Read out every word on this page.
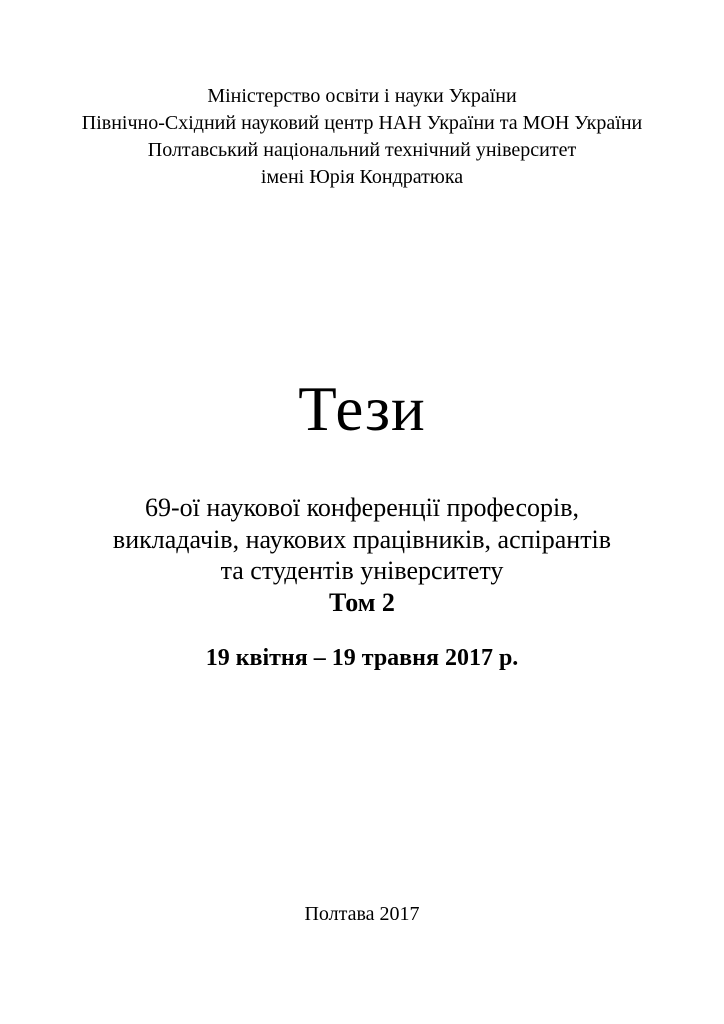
Міністерство освіти і науки України
Північно-Східний науковий центр НАН України та МОН України
Полтавський національний технічний університет
імені Юрія Кондратюка
Тези
69-ої наукової конференції професорів,
викладачів, наукових працівників, аспірантів
та студентів університету
Том 2
19 квітня – 19 травня 2017 р.
Полтава 2017
